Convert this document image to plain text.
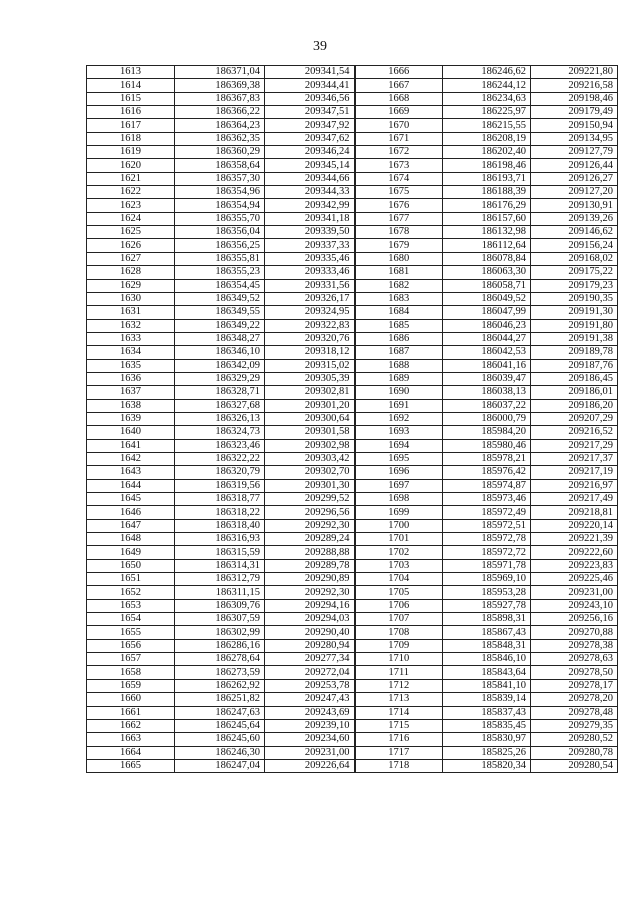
39
1613	186371,04	209341,54	1666	186246,62	209221,80
1614	186369,38	209344,41	1667	186244,12	209216,58
1615	186367,83	209346,56	1668	186234,63	209198,46
1616	186366,22	209347,51	1669	186225,97	209179,49
1617	186364,23	209347,92	1670	186215,55	209150,94
1618	186362,35	209347,62	1671	186208,19	209134,95
1619	186360,29	209346,24	1672	186202,40	209127,79
1620	186358,64	209345,14	1673	186198,46	209126,44
1621	186357,30	209344,66	1674	186193,71	209126,27
1622	186354,96	209344,33	1675	186188,39	209127,20
1623	186354,94	209342,99	1676	186176,29	209130,91
1624	186355,70	209341,18	1677	186157,60	209139,26
1625	186356,04	209339,50	1678	186132,98	209146,62
1626	186356,25	209337,33	1679	186112,64	209156,24
1627	186355,81	209335,46	1680	186078,84	209168,02
1628	186355,23	209333,46	1681	186063,30	209175,22
1629	186354,45	209331,56	1682	186058,71	209179,23
1630	186349,52	209326,17	1683	186049,52	209190,35
1631	186349,55	209324,95	1684	186047,99	209191,30
1632	186349,22	209322,83	1685	186046,23	209191,80
1633	186348,27	209320,76	1686	186044,27	209191,38
1634	186346,10	209318,12	1687	186042,53	209189,78
1635	186342,09	209315,02	1688	186041,16	209187,76
1636	186329,29	209305,39	1689	186039,47	209186,45
1637	186328,71	209302,81	1690	186038,13	209186,01
1638	186327,68	209301,20	1691	186037,22	209186,20
1639	186326,13	209300,64	1692	186000,79	209207,29
1640	186324,73	209301,58	1693	185984,20	209216,52
1641	186323,46	209302,98	1694	185980,46	209217,29
1642	186322,22	209303,42	1695	185978,21	209217,37
1643	186320,79	209302,70	1696	185976,42	209217,19
1644	186319,56	209301,30	1697	185974,87	209216,97
1645	186318,77	209299,52	1698	185973,46	209217,49
1646	186318,22	209296,56	1699	185972,49	209218,81
1647	186318,40	209292,30	1700	185972,51	209220,14
1648	186316,93	209289,24	1701	185972,78	209221,39
1649	186315,59	209288,88	1702	185972,72	209222,60
1650	186314,31	209289,78	1703	185971,78	209223,83
1651	186312,79	209290,89	1704	185969,10	209225,46
1652	186311,15	209292,30	1705	185953,28	209231,00
1653	186309,76	209294,16	1706	185927,78	209243,10
1654	186307,59	209294,03	1707	185898,31	209256,16
1655	186302,99	209290,40	1708	185867,43	209270,88
1656	186286,16	209280,94	1709	185848,31	209278,38
1657	186278,64	209277,34	1710	185846,10	209278,63
1658	186273,59	209272,04	1711	185843,64	209278,50
1659	186262,92	209253,78	1712	185841,10	209278,17
1660	186251,82	209247,43	1713	185839,14	209278,20
1661	186247,63	209243,69	1714	185837,43	209278,48
1662	186245,64	209239,10	1715	185835,45	209279,35
1663	186245,60	209234,60	1716	185830,97	209280,52
1664	186246,30	209231,00	1717	185825,26	209280,78
1665	186247,04	209226,64	1718	185820,34	209280,54
